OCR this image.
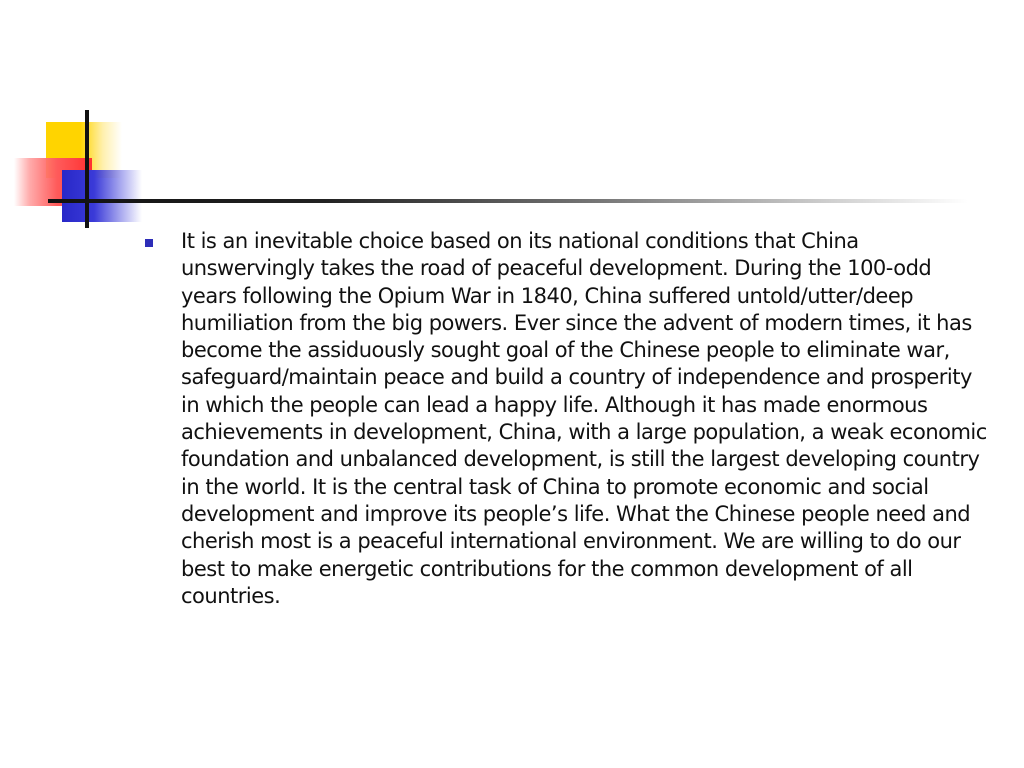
It is an inevitable choice based on its national conditions that China unswervingly takes the road of peaceful development. During the 100-odd years following the Opium War in 1840, China suffered untold/utter/deep humiliation from the big powers. Ever since the advent of modern times, it has become the assiduously sought goal of the Chinese people to eliminate war, safeguard/maintain peace and build a country of independence and prosperity in which the people can lead a happy life. Although it has made enormous achievements in development, China, with a large population, a weak economic foundation and unbalanced development, is still the largest developing country in the world. It is the central task of China to promote economic and social development and improve its people’s life. What the Chinese people need and cherish most is a peaceful international environment. We are willing to do our best to make energetic contributions for the common development of all countries.
